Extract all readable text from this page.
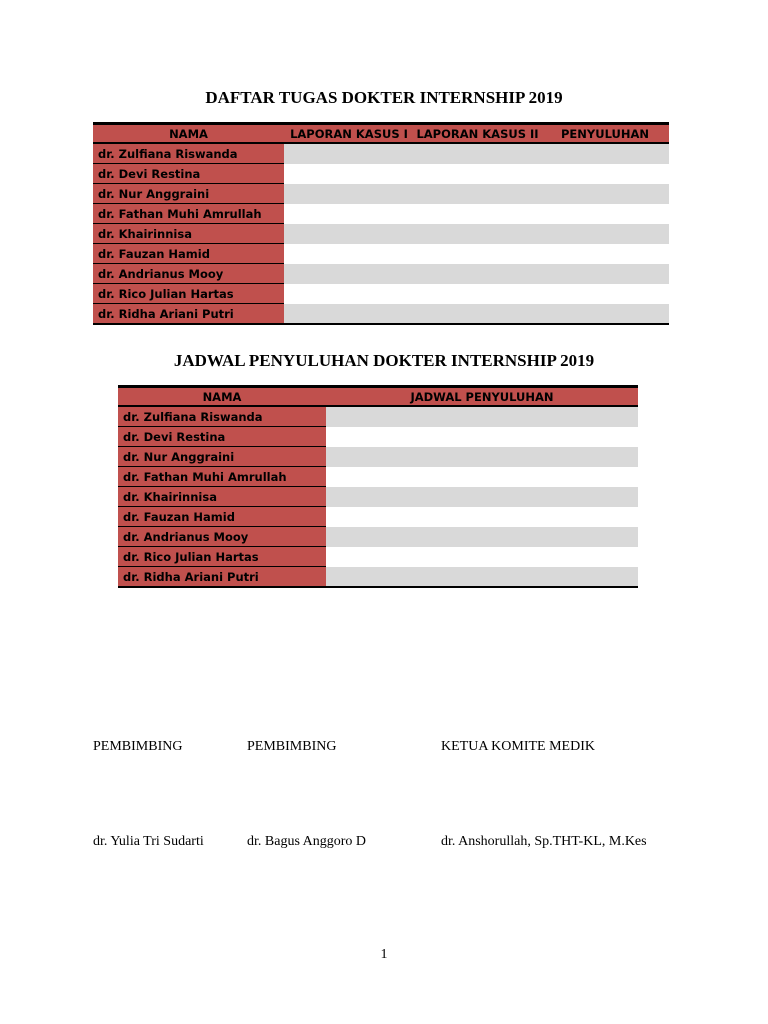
DAFTAR TUGAS DOKTER INTERNSHIP 2019
NAMA	LAPORAN KASUS I	LAPORAN KASUS II	PENYULUHAN
dr. Zulfiana Riswanda			
dr. Devi Restina			
dr. Nur Anggraini			
dr. Fathan Muhi Amrullah			
dr. Khairinnisa			
dr. Fauzan Hamid			
dr. Andrianus Mooy			
dr. Rico Julian Hartas			
dr. Ridha Ariani Putri			
JADWAL PENYULUHAN DOKTER INTERNSHIP 2019
NAMA	JADWAL PENYULUHAN
dr. Zulfiana Riswanda	
dr. Devi Restina	
dr. Nur Anggraini	
dr. Fathan Muhi Amrullah	
dr. Khairinnisa	
dr. Fauzan Hamid	
dr. Andrianus Mooy	
dr. Rico Julian Hartas	
dr. Ridha Ariani Putri	
PEMBIMBING	PEMBIMBING	KETUA KOMITE MEDIK
dr. Yulia Tri Sudarti	dr. Bagus Anggoro D	dr. Anshorullah, Sp.THT-KL, M.Kes
1
